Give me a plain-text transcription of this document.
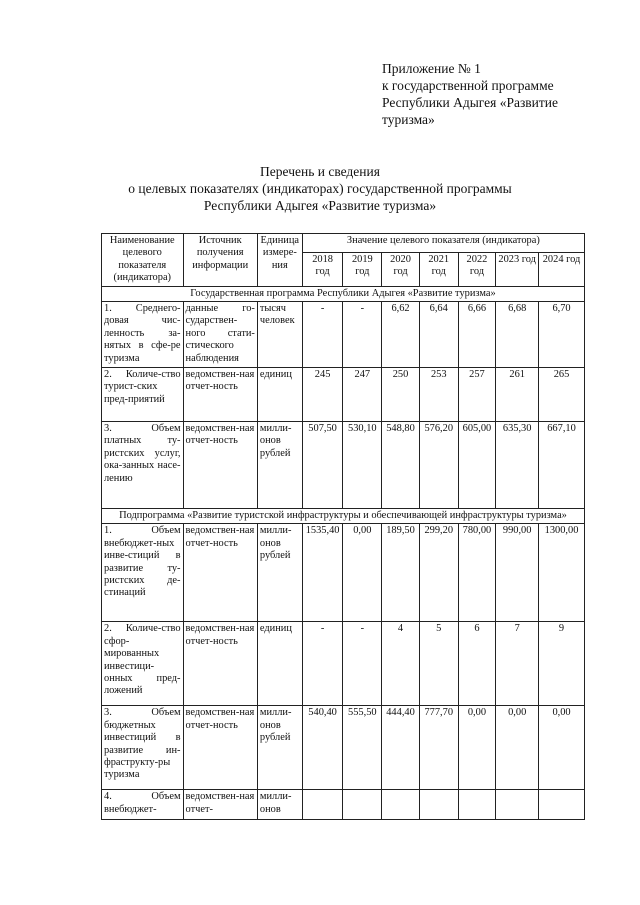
Приложение № 1
к государственной программе
Республики Адыгея «Развитие
туризма»
Перечень и сведения
о целевых показателях (индикаторах) государственной программы
Республики Адыгея «Развитие туризма»
Наименование целевого показателя (индикатора)	Источник получения информации	Единица измере-ния	Значение целевого показателя (индикатора)						
			2018 год	2019 год	2020 год	2021 год	2022 год	2023 год	2024 год
Государственная программа Республики Адыгея «Развитие туризма»									
1. Среднего-довая чис-ленность за-нятых в сфе-ре туризма	данные го-сударствен-ного стати-стического наблюдения	тысяч человек	-	-	6,62	6,64	6,66	6,68	6,70
2. Количе-ство турист-ских пред-приятий	ведомствен-ная отчет-ность	единиц	245	247	250	253	257	261	265
3. Объем платных ту-ристских услуг, ока-занных насе-лению	ведомствен-ная отчет-ность	милли-онов рублей	507,50	530,10	548,80	576,20	605,00	635,30	667,10
Подпрограмма «Развитие туристской инфраструктуры и обеспечивающей инфраструктуры туризма»									
1. Объем внебюджет-ных инве-стиций в развитие ту-ристских де-стинаций	ведомствен-ная отчет-ность	милли-онов рублей	1535,40	0,00	189,50	299,20	780,00	990,00	1300,00
2. Количе-ство сфор-мированных инвестици-онных пред-ложений	ведомствен-ная отчет-ность	единиц	-	-	4	5	6	7	9
3. Объем бюджетных инвестиций в развитие ин-фраструкту-ры туризма	ведомствен-ная отчет-ность	милли-онов рублей	540,40	555,50	444,40	777,70	0,00	0,00	0,00
4. Объем внебюджет-	ведомствен-ная отчет-	милли-онов							
